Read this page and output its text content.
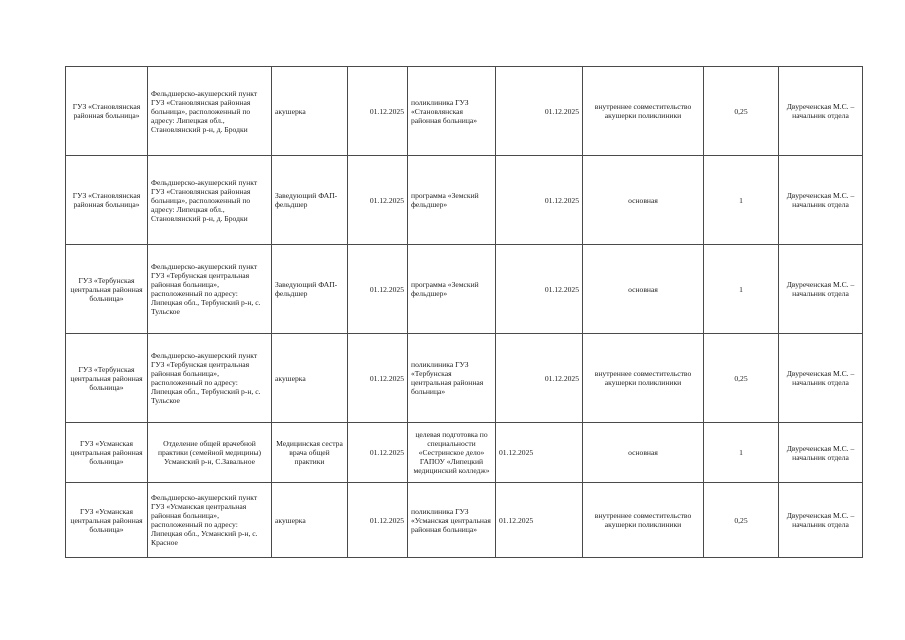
ГУЗ «Становлянская районная больница»	Фельдшерско-акушерский пункт ГУЗ «Становлянская районная больница», расположенный по адресу: Липецкая обл., Становлянский р-н, д. Бродки	акушерка	01.12.2025	поликлиника ГУЗ «Становлянская районная больница»	01.12.2025	внутреннее совместительство акушерки поликлиники	0,25	Двуреченская М.С. – начальник отдела
ГУЗ «Становлянская районная больница»	Фельдшерско-акушерский пункт ГУЗ «Становлянская районная больница», расположенный по адресу: Липецкая обл., Становлянский р-н, д. Бродки	Заведующий ФАП-фельдшер	01.12.2025	программа «Земский фельдшер»	01.12.2025	основная	1	Двуреченская М.С. – начальник отдела
ГУЗ «Тербунская центральная районная больница»	Фельдшерско-акушерский пункт ГУЗ «Тербунская центральная районная больница», расположенный по адресу: Липецкая обл., Тербунский р-н, с. Тульское	Заведующий ФАП-фельдшер	01.12.2025	программа «Земский фельдшер»	01.12.2025	основная	1	Двуреченская М.С. – начальник отдела
ГУЗ «Тербунская центральная районная больница»	Фельдшерско-акушерский пункт ГУЗ «Тербунская центральная районная больница», расположенный по адресу: Липецкая обл., Тербунский р-н, с. Тульское	акушерка	01.12.2025	поликлиника ГУЗ «Тербунская центральная районная больница»	01.12.2025	внутреннее совместительство акушерки поликлиники	0,25	Двуреченская М.С. – начальник отдела
ГУЗ «Усманская центральная районная больница»	Отделение общей врачебной практики (семейной медицины) Усманский р-н, С.Завальное	Медицинская сестра врача общей практики	01.12.2025	целевая подготовка по специальности «Сестринское дело» ГАПОУ «Липецкий медицинский колледж»	01.12.2025	основная	1	Двуреченская М.С. – начальник отдела
ГУЗ «Усманская центральная районная больница»	Фельдшерско-акушерский пункт ГУЗ «Усманская центральная районная больница», расположенный по адресу: Липецкая обл., Усманский р-н, с. Красное	акушерка	01.12.2025	поликлиника ГУЗ «Усманская центральная районная больница»	01.12.2025	внутреннее совместительство акушерки поликлиники	0,25	Двуреченская М.С. – начальник отдела
